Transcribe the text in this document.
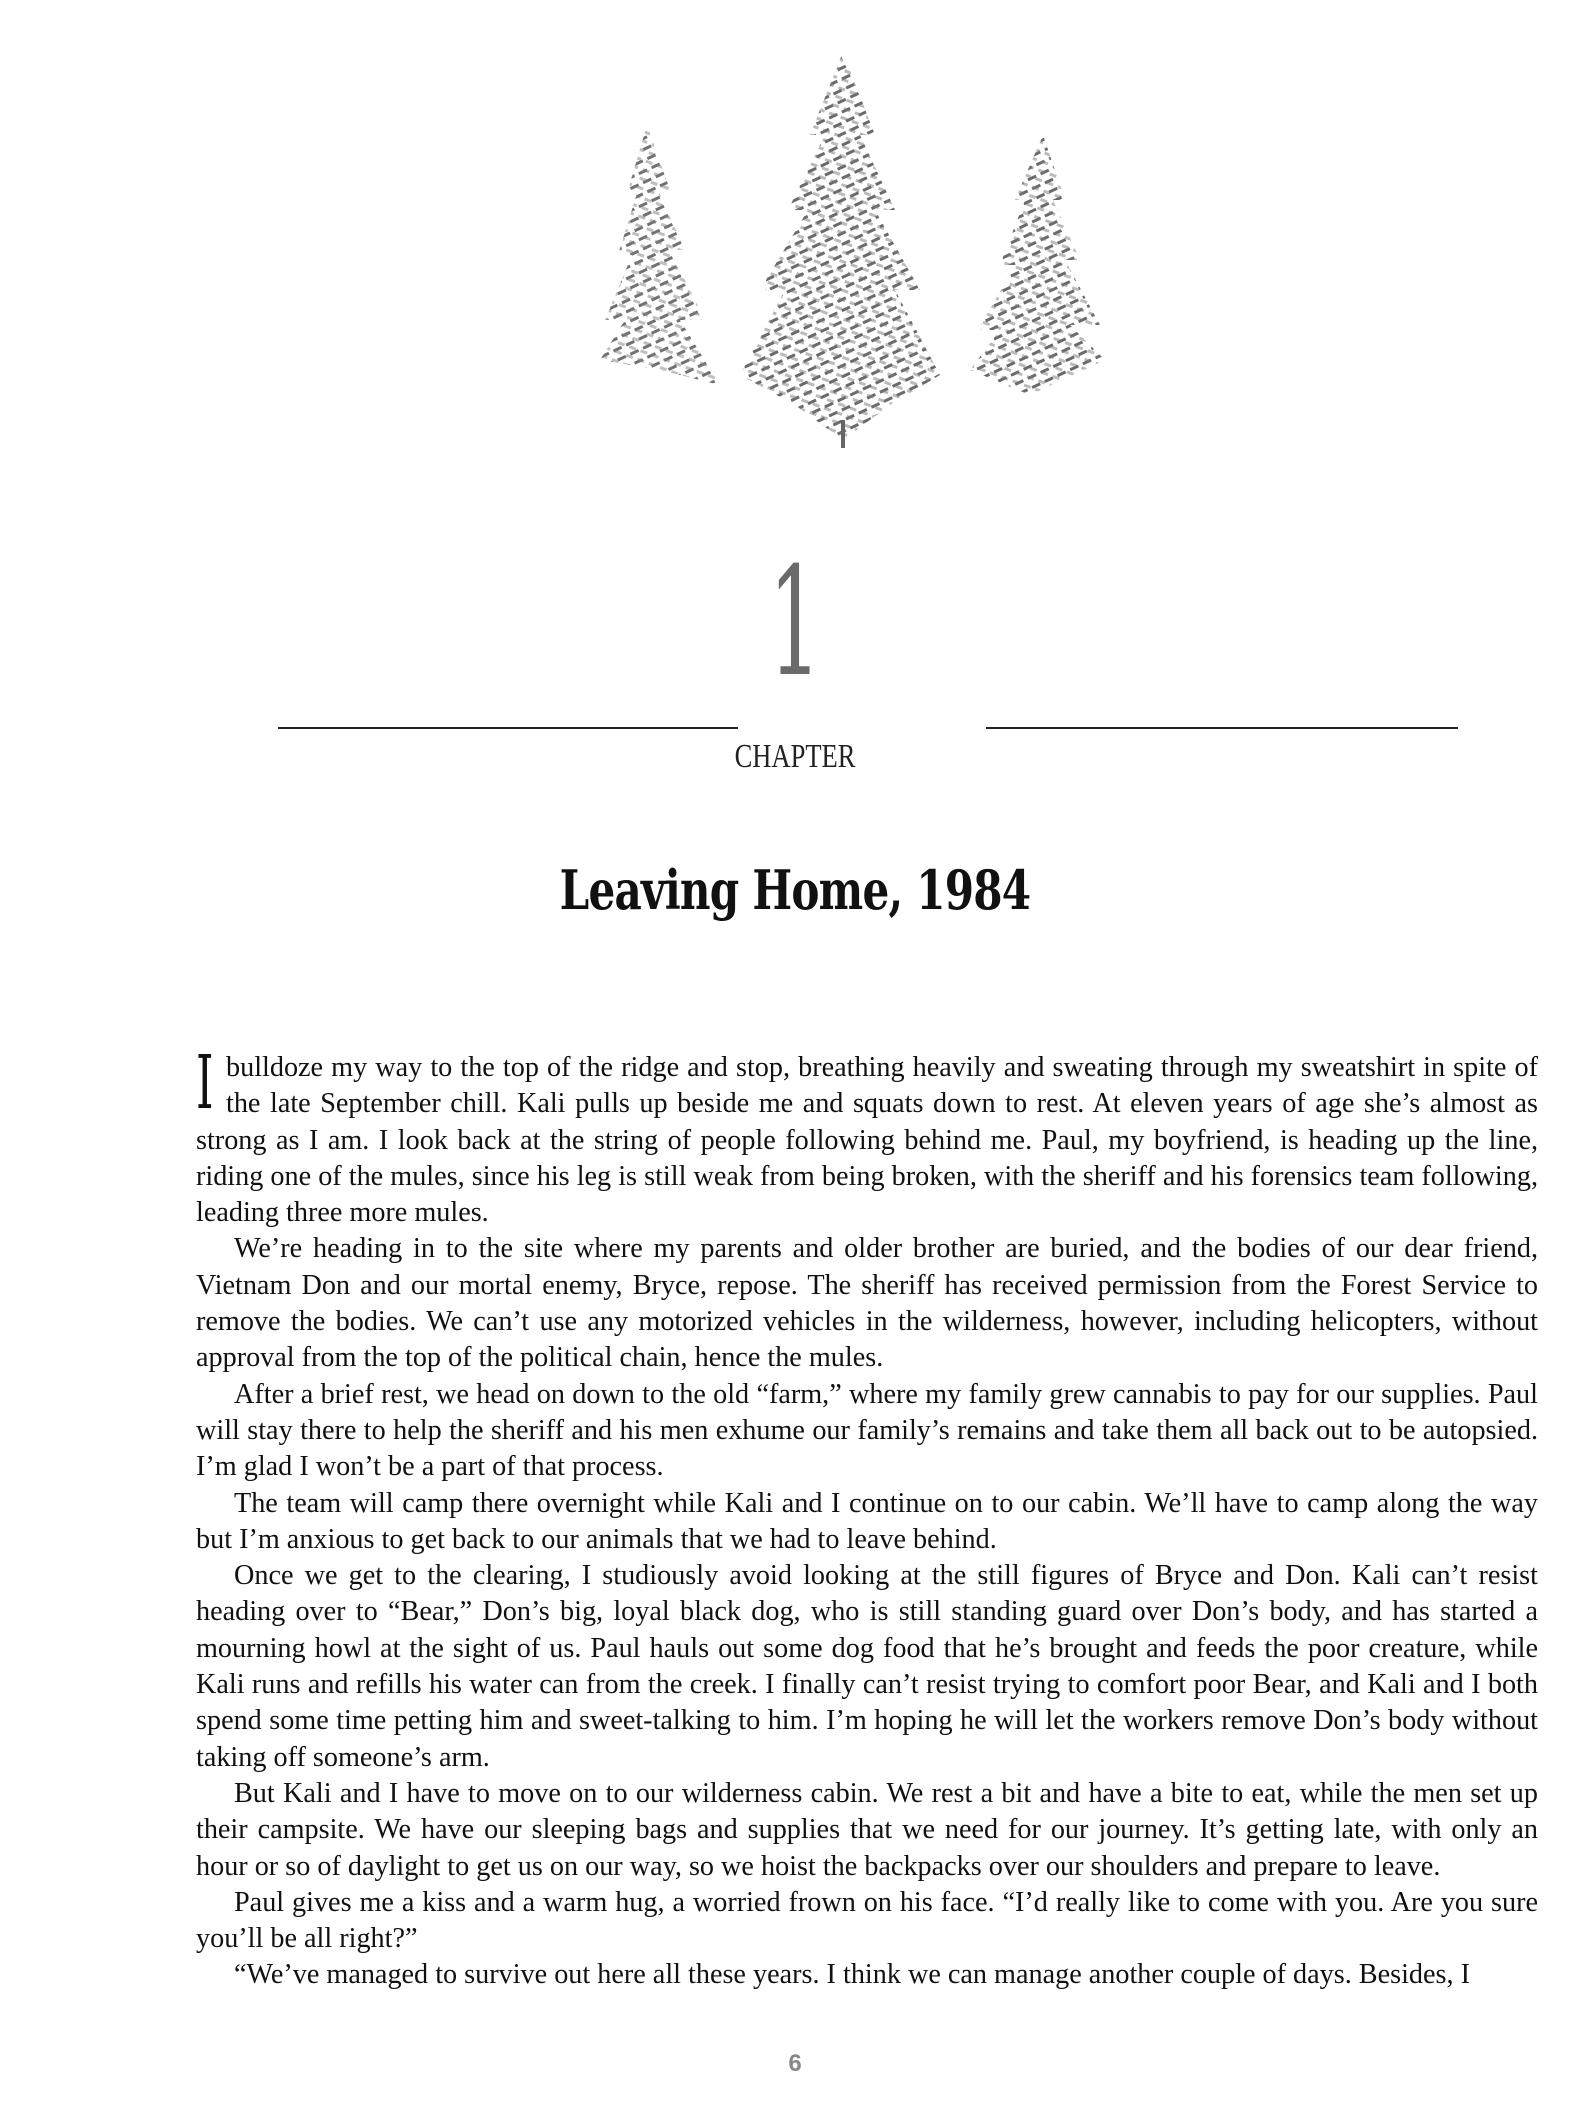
1
CHAPTER
Leaving Home, 1984

I bulldoze my way to the top of the ridge and stop, breathing heavily and sweating through my sweatshirt in spite of the late September chill. Kali pulls up beside me and squats down to rest. At eleven years of age she’s almost as strong as I am. I look back at the string of people following behind me. Paul, my boyfriend, is heading up the line, riding one of the mules, since his leg is still weak from being broken, with the sheriff and his forensics team following, leading three more mules.

We’re heading in to the site where my parents and older brother are buried, and the bodies of our dear friend, Vietnam Don and our mortal enemy, Bryce, repose. The sheriff has received permission from the Forest Service to remove the bodies. We can’t use any motorized vehicles in the wilderness, however, including helicopters, without approval from the top of the political chain, hence the mules.

After a brief rest, we head on down to the old “farm,” where my family grew cannabis to pay for our supplies. Paul will stay there to help the sheriff and his men exhume our family’s remains and take them all back out to be autopsied. I’m glad I won’t be a part of that process.

The team will camp there overnight while Kali and I continue on to our cabin. We’ll have to camp along the way but I’m anxious to get back to our animals that we had to leave behind.

Once we get to the clearing, I studiously avoid looking at the still figures of Bryce and Don. Kali can’t resist heading over to “Bear,” Don’s big, loyal black dog, who is still standing guard over Don’s body, and has started a mourning howl at the sight of us. Paul hauls out some dog food that he’s brought and feeds the poor creature, while Kali runs and refills his water can from the creek. I finally can’t resist trying to comfort poor Bear, and Kali and I both spend some time petting him and sweet-talking to him. I’m hoping he will let the workers remove Don’s body without taking off someone’s arm.

But Kali and I have to move on to our wilderness cabin. We rest a bit and have a bite to eat, while the men set up their campsite. We have our sleeping bags and supplies that we need for our journey. It’s getting late, with only an hour or so of daylight to get us on our way, so we hoist the backpacks over our shoulders and prepare to leave.

Paul gives me a kiss and a warm hug, a worried frown on his face. “I’d really like to come with you. Are you sure you’ll be all right?”

“We’ve managed to survive out here all these years. I think we can manage another couple of days. Besides, I

6
